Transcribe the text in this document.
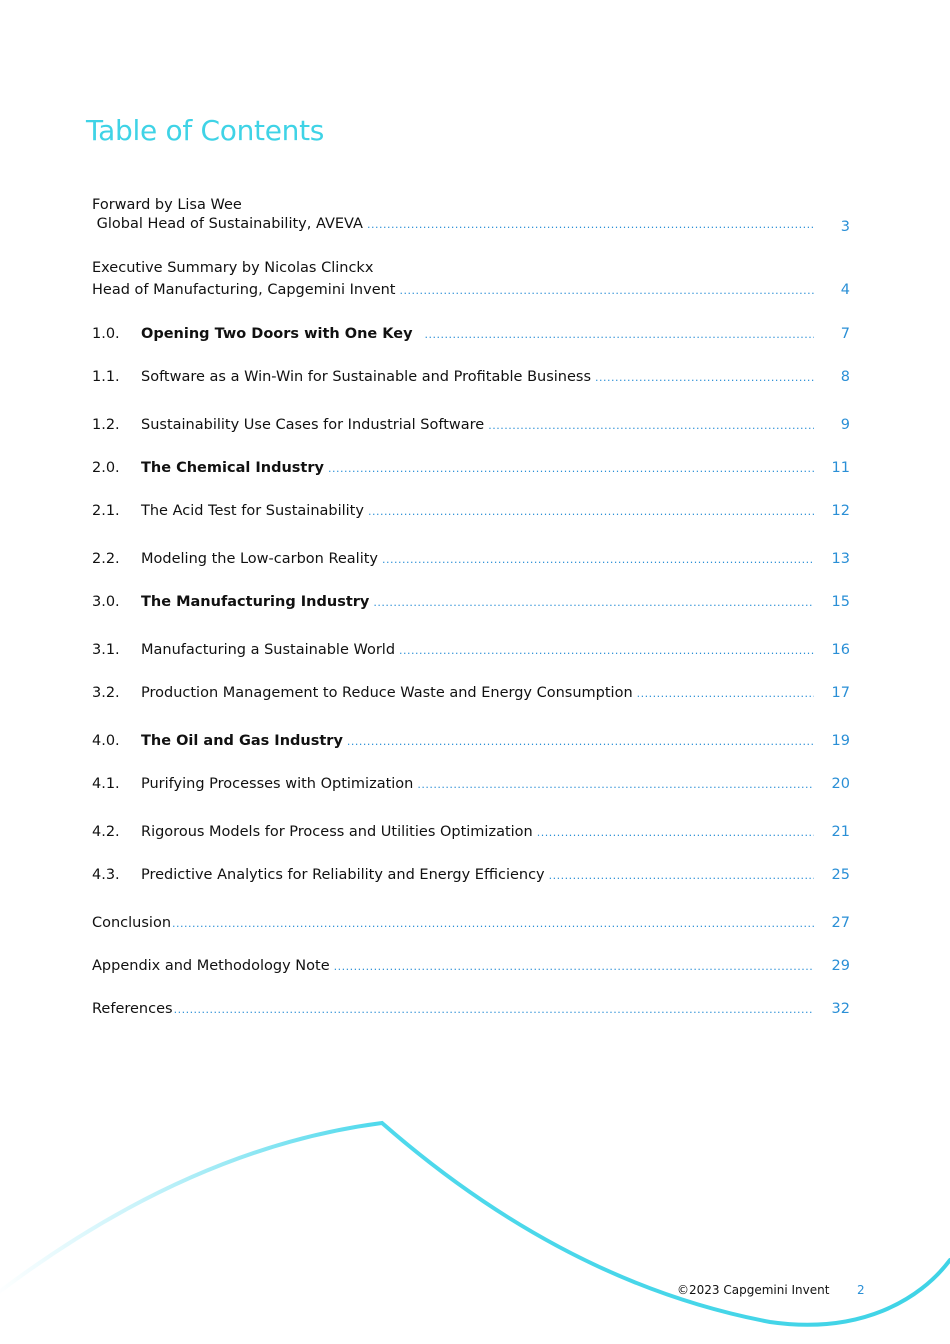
Table of Contents
Forward by Lisa Wee
Global Head of Sustainability, AVEVA .....	3
Executive Summary by Nicolas Clinckx
Head of Manufacturing, Capgemini Invent .....	4
1.0.	Opening Two Doors with One Key .....	7
1.1.	Software as a Win-Win for Sustainable and Profitable Business .....	8
1.2.	Sustainability Use Cases for Industrial Software .....	9
2.0.	The Chemical Industry .....	11
2.1.	The Acid Test for Sustainability .....	12
2.2.	Modeling the Low-carbon Reality .....	13
3.0.	The Manufacturing Industry .....	15
3.1.	Manufacturing a Sustainable World .....	16
3.2.	Production Management to Reduce Waste and Energy Consumption .....	17
4.0.	The Oil and Gas Industry .....	19
4.1.	Purifying Processes with Optimization .....	20
4.2.	Rigorous Models for Process and Utilities Optimization .....	21
4.3.	Predictive Analytics for Reliability and Energy Efficiency .....	25
Conclusion .....	27
Appendix and Methodology Note .....	29
References .....	32
©2023 Capgemini Invent 2
